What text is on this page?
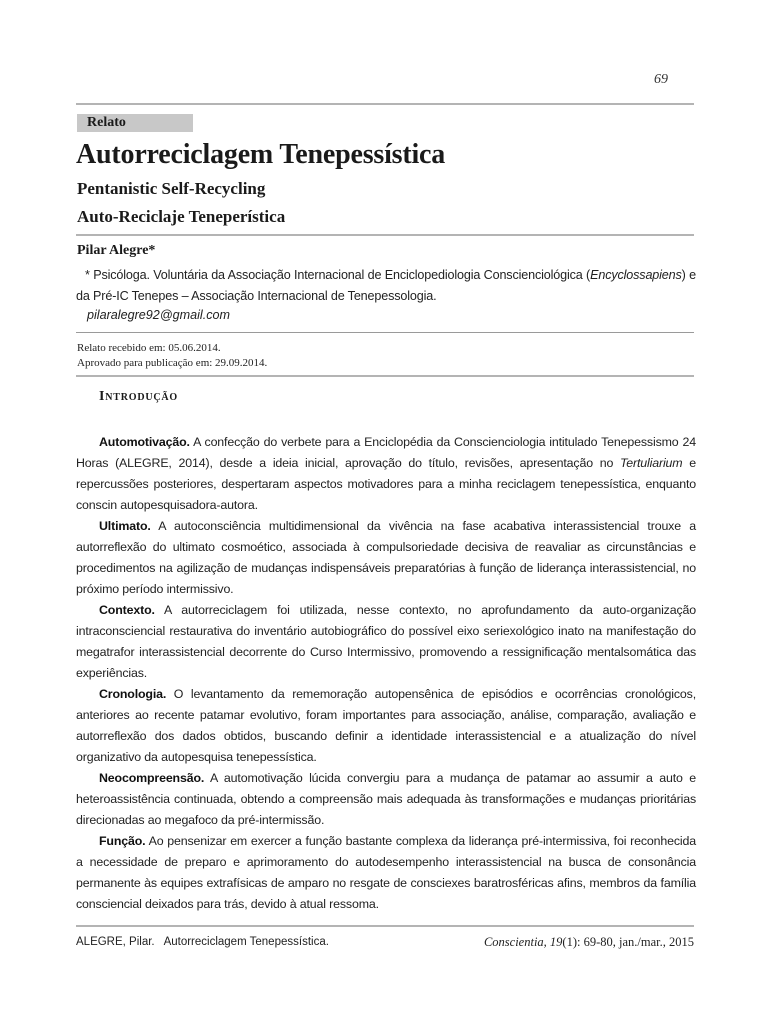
69
Relato
Autorreciclagem Tenepessística
Pentanistic Self-Recycling
Auto-Reciclaje Teneperística
Pilar Alegre*
* Psicóloga. Voluntária da Associação Internacional de Enciclopediologia Conscienciológica (Encyclossapiens) e da Pré-IC Tenepes – Associação Internacional de Tenepessologia.
pilaralegre92@gmail.com
Relato recebido em: 05.06.2014.
Aprovado para publicação em: 29.09.2014.
Introdução

Automotivação. A confecção do verbete para a Enciclopédia da Conscienciologia intitulado Tenepessismo 24 Horas (ALEGRE, 2014), desde a ideia inicial, aprovação do título, revisões, apresentação no Tertuliarium e repercussões posteriores, despertaram aspectos motivadores para a minha reciclagem tenepessística, enquanto conscin autopesquisadora-autora.

Ultimato. A autoconsciência multidimensional da vivência na fase acabativa interassistencial trouxe a autorreflexão do ultimato cosmoético, associada à compulsoriedade decisiva de reavaliar as circunstâncias e procedimentos na agilização de mudanças indispensáveis preparatórias à função de liderança interassistencial, no próximo período intermissivo.

Contexto. A autorreciclagem foi utilizada, nesse contexto, no aprofundamento da auto-organização intraconsciencial restaurativa do inventário autobiográfico do possível eixo seriexológico inato na manifestação do megatrafor interassistencial decorrente do Curso Intermissivo, promovendo a ressignificação mentalsomática das experiências.

Cronologia. O levantamento da rememoração autopensênica de episódios e ocorrências cronológicos, anteriores ao recente patamar evolutivo, foram importantes para associação, análise, comparação, avaliação e autorreflexão dos dados obtidos, buscando definir a identidade interassistencial e a atualização do nível organizativo da autopesquisa tenepessística.

Neocompreensão. A automotivação lúcida convergiu para a mudança de patamar ao assumir a auto e heteroassistência continuada, obtendo a compreensão mais adequada às transformações e mudanças prioritárias direcionadas ao megafoco da pré-intermissão.

Função. Ao pensenizar em exercer a função bastante complexa da liderança pré-intermissiva, foi reconhecida a necessidade de preparo e aprimoramento do autodesempenho interassistencial na busca de consonância permanente às equipes extrafísicas de amparo no resgate de consciexes baratrosféricas afins, membros da família consciencial deixados para trás, devido à atual ressoma.

ALEGRE, Pilar.   Autorreciclagem Tenepessística.	Conscientia, 19(1): 69-80, jan./mar., 2015
